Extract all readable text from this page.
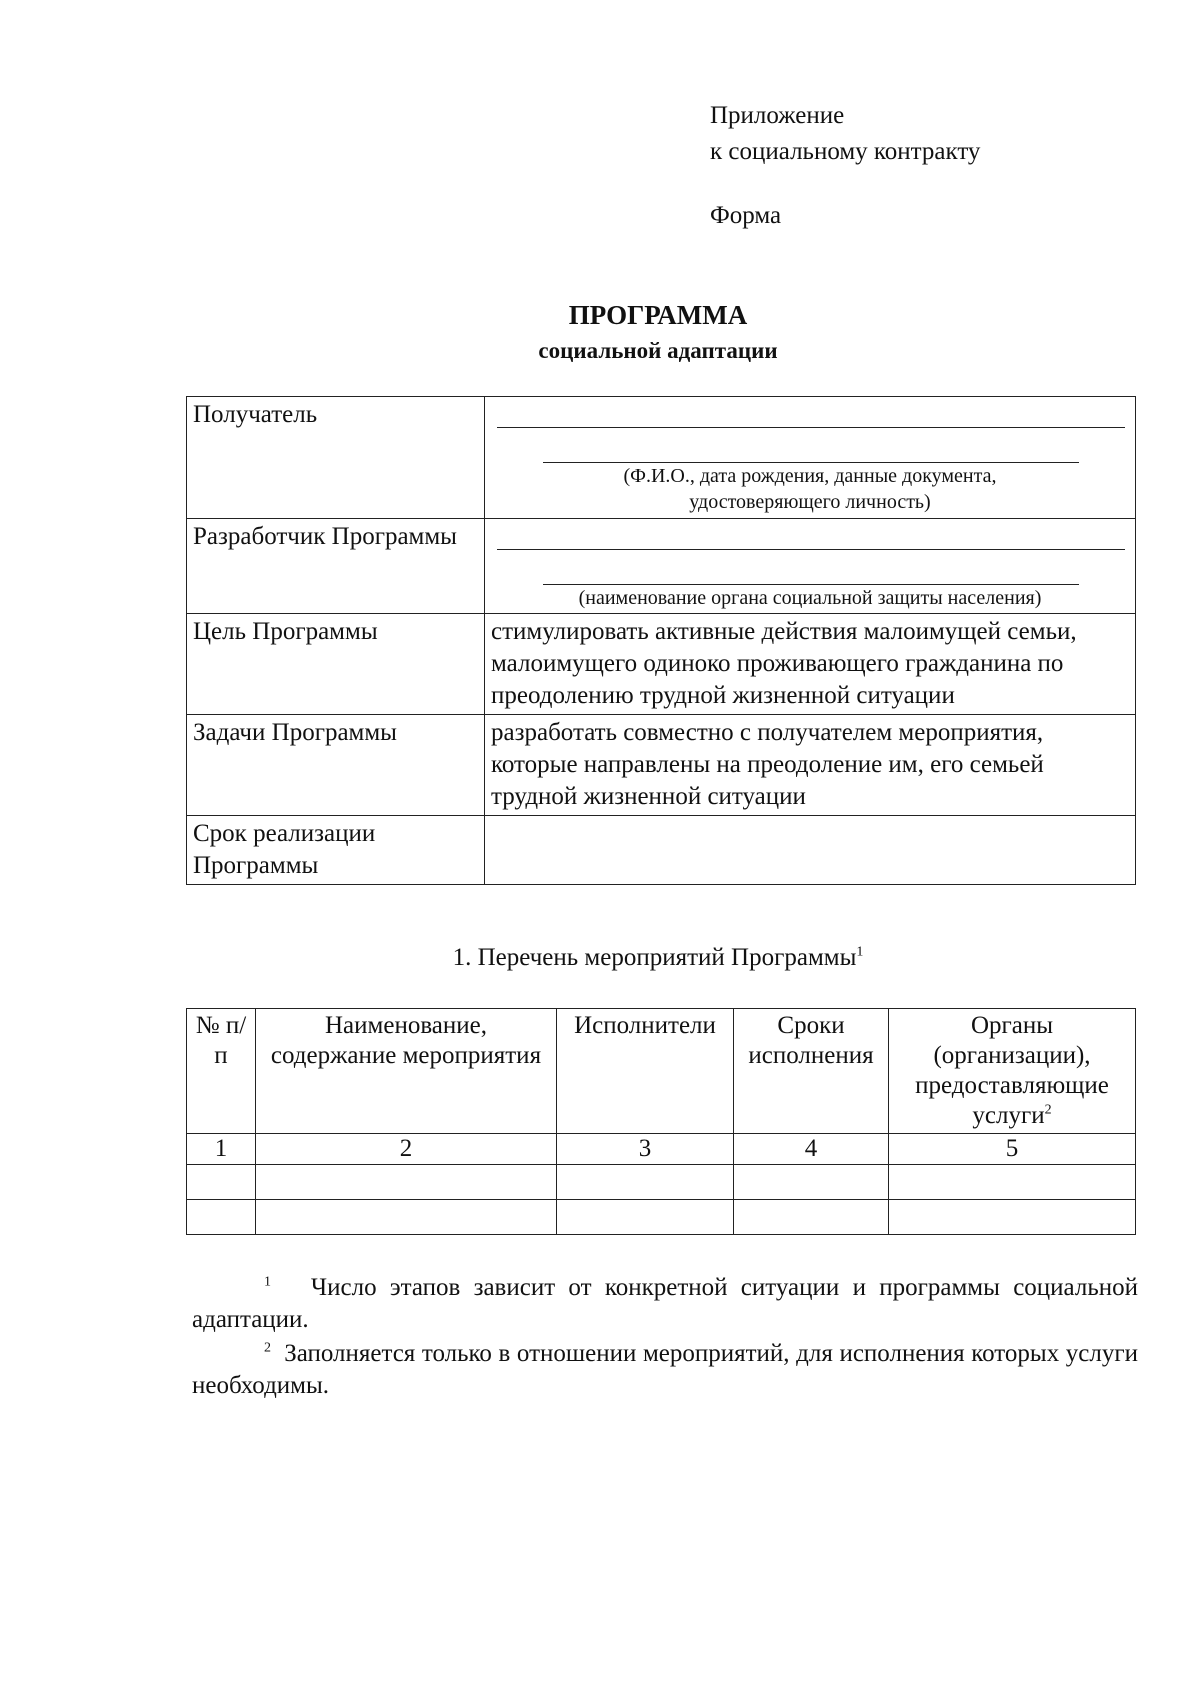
Приложение
к социальному контракту
Форма
ПРОГРАММА
социальной адаптации
Получатель	(Ф.И.О., дата рождения, данные документа,
удостоверяющего личность)

Разработчик Программы	(наименование органа социальной защиты населения)

Цель Программы	стимулировать активные действия малоимущей семьи, малоимущего одиноко проживающего гражданина по преодолению трудной жизненной ситуации
Задачи Программы	разработать совместно с получателем мероприятия, которые направлены на преодоление им, его семьей трудной жизненной ситуации
Срок реализации Программы	
1. Перечень мероприятий Программы$^1$
№ п/п	Наименование, содержание мероприятия	Исполнители	Сроки исполнения	Органы (организации), предоставляющие услуги$^2$
1	2	3	4	5

$^1$ Число этапов зависит от конкретной ситуации и программы социальной адаптации.

$^2$ Заполняется только в отношении мероприятий, для исполнения которых услуги необходимы.
